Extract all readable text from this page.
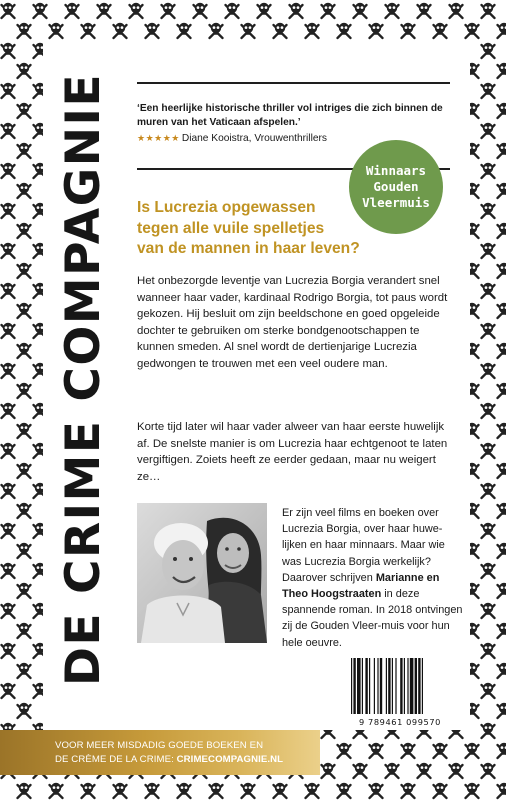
DE CRIME COMPAGNIE	‘Een heerlijke historische thriller vol intriges die zich binnen de muren van het Vaticaan afspelen.’
★★★★★ Diane Kooistra, Vrouwenthrillers
Winnaars
Gouden
Vleermuis
Is Lucrezia opgewassen
tegen alle vuile spelletjes
van de mannen in haar leven?
Het onbezorgde leventje van Lucrezia Borgia verandert snel wanneer haar vader, kardinaal Rodrigo Borgia, tot paus wordt gekozen. Hij besluit om zijn beeldschone en goed opgeleide dochter te gebruiken om sterke bondgenootschappen te kunnen smeden. Al snel wordt de dertienjarige Lucrezia gedwongen te trouwen met een veel oudere man.
Korte tijd later wil haar vader alweer van haar eerste huwelijk af. De snelste manier is om Lucrezia haar echtgenoot te laten vergiftigen. Zoiets heeft ze eerder gedaan, maar nu weigert ze…
Er zijn veel films en boeken over Lucrezia Borgia, over haar huwe-lijken en haar minnaars. Maar wie was Lucrezia Borgia werkelijk? Daarover schrijven Marianne en Theo Hoogstraaten in deze spannende roman. In 2018 ontvingen zij de Gouden Vleer-muis voor hun hele oeuvre.
9 789461 099570
VOOR MEER MISDADIG GOEDE BOEKEN EN
DE CRÈME DE LA CRIME: CRIMECOMPAGNIE.NL
